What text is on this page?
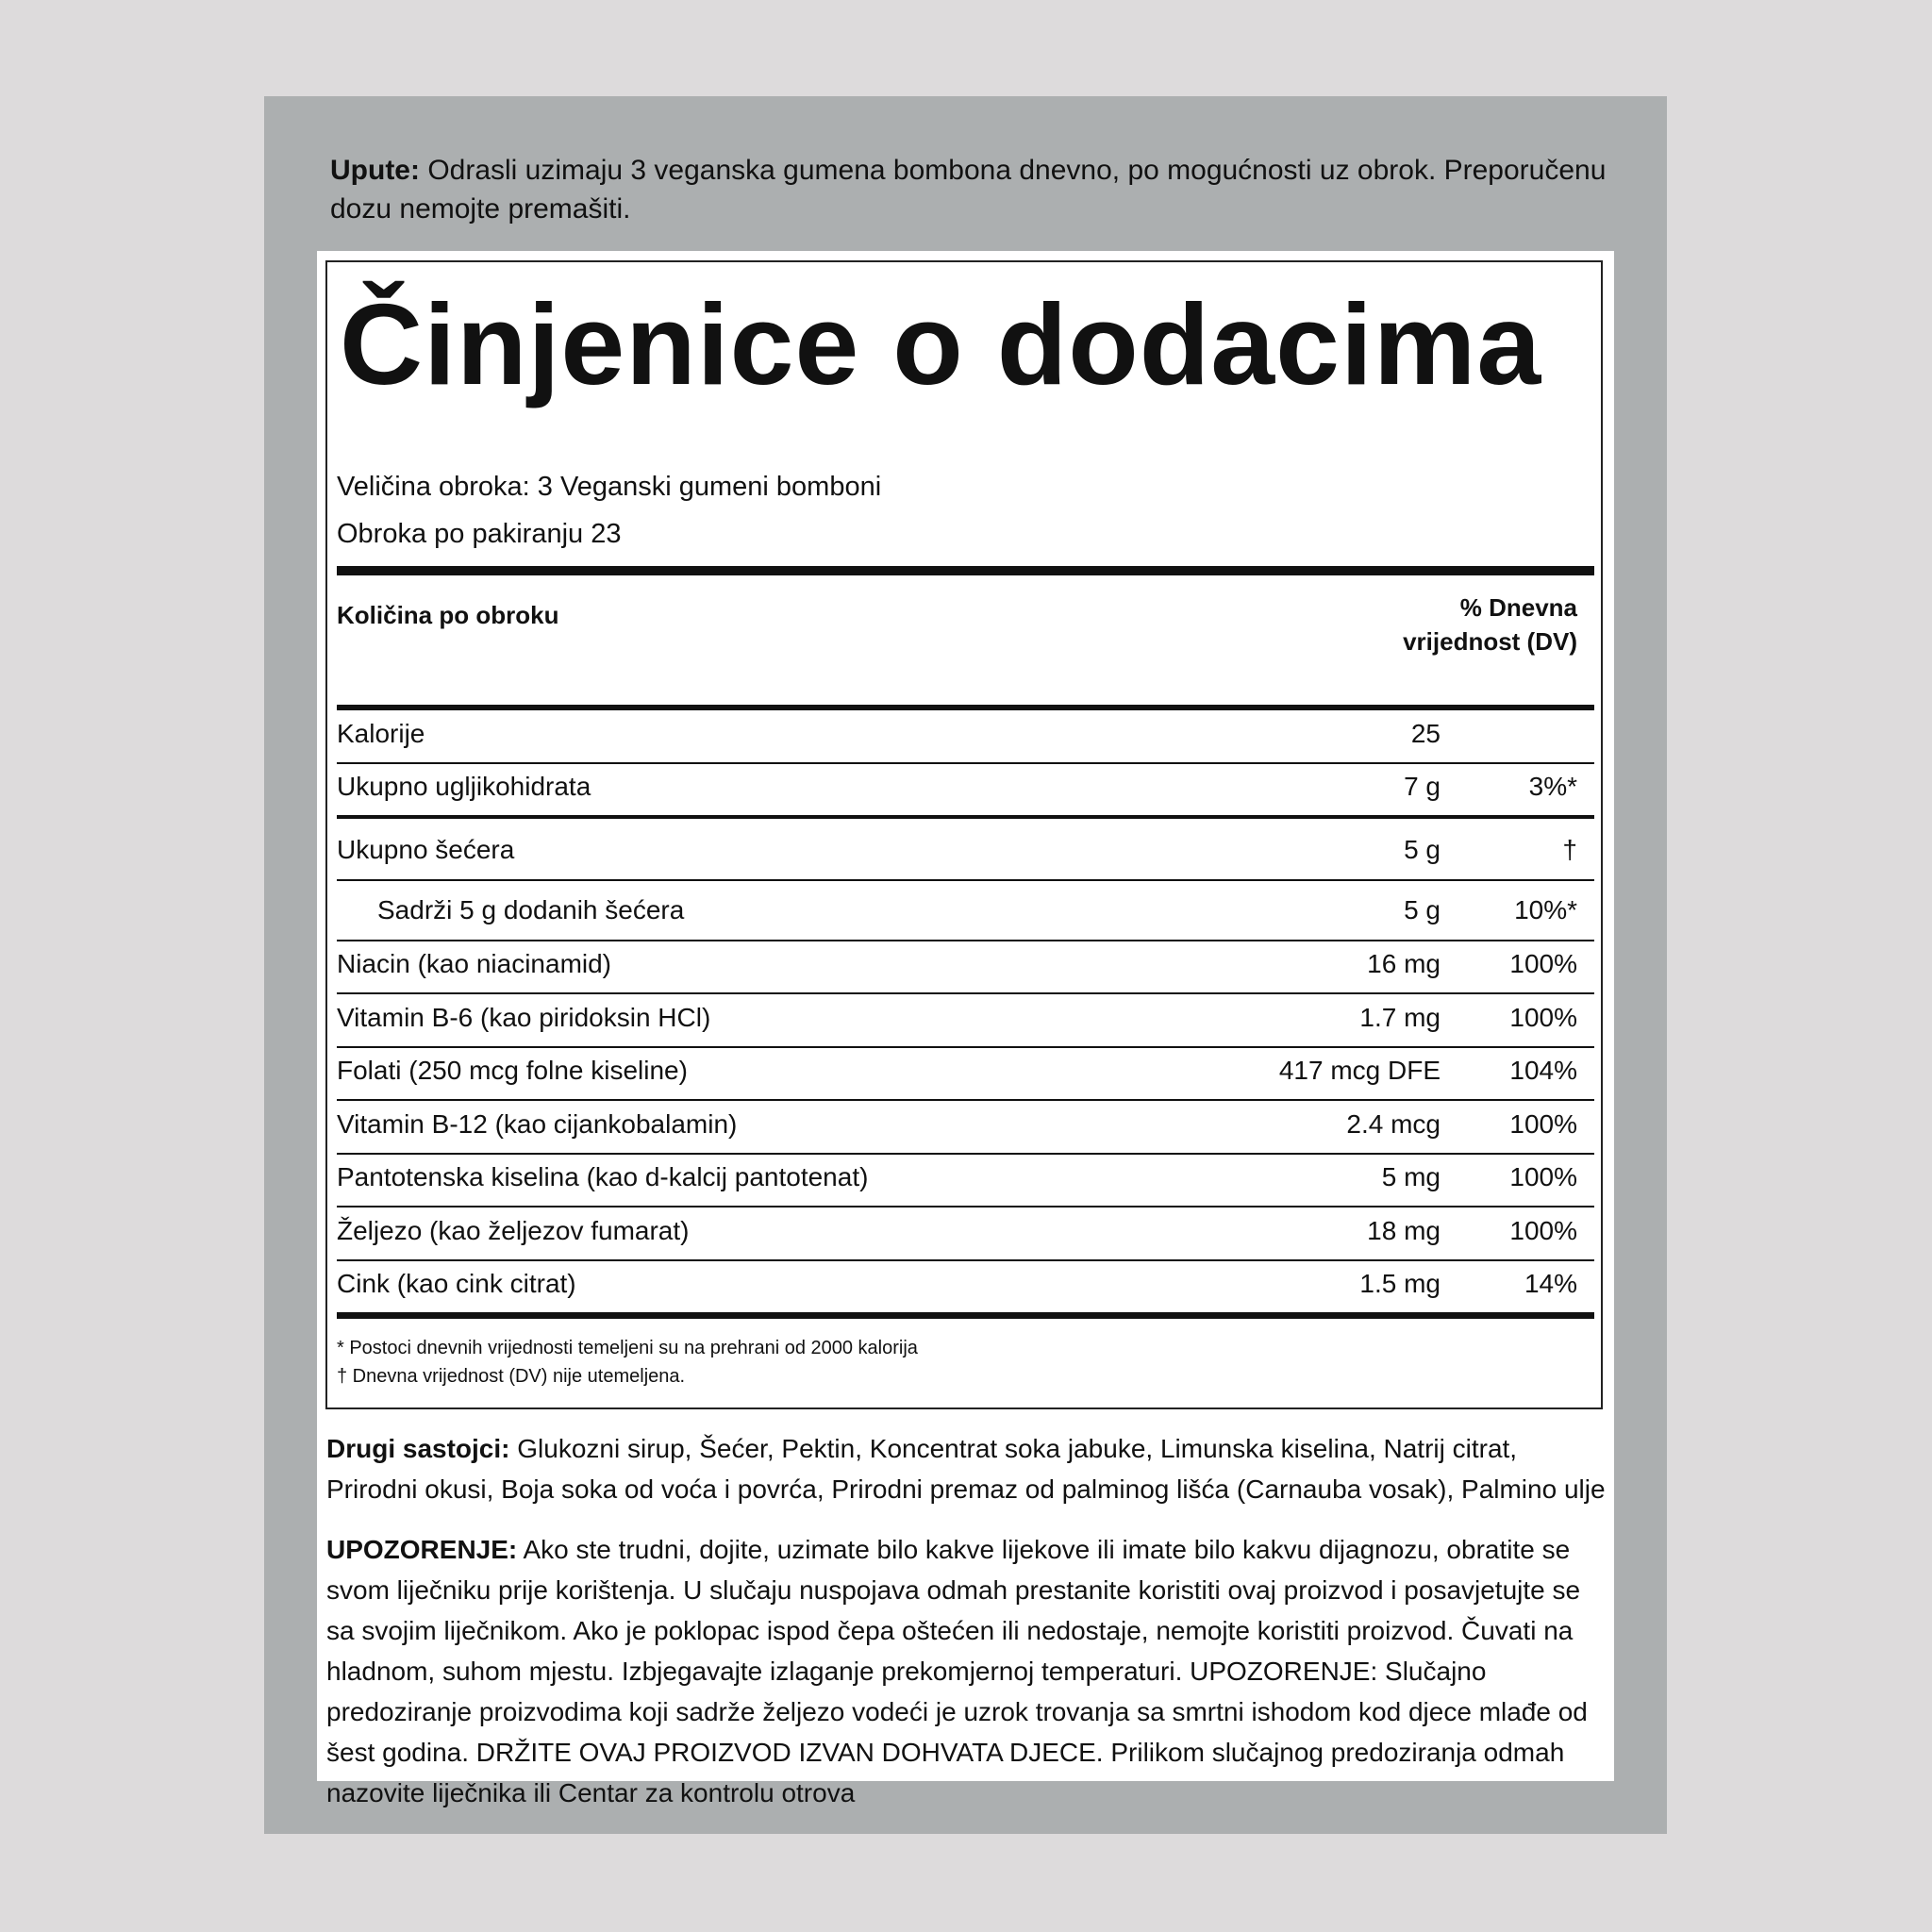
Upute: Odrasli uzimaju 3 veganska gumena bombona dnevno, po mogućnosti uz obrok. Preporučenu dozu nemojte premašiti.
Činjenice o dodacima
Veličina obroka: 3 Veganski gumeni bomboni
Obroka po pakiranju 23
Količina po obroku	% Dnevna vrijednost (DV)
Kalorije	25
Ukupno ugljikohidrata	7 g	3%*
Ukupno šećera	5 g	†
Sadrži 5 g dodanih šećera	5 g	10%*
Niacin (kao niacinamid)	16 mg	100%
Vitamin B-6 (kao piridoksin HCl)	1.7 mg	100%
Folati (250 mcg folne kiseline)	417 mcg DFE	104%
Vitamin B-12 (kao cijankobalamin)	2.4 mcg	100%
Pantotenska kiselina (kao d-kalcij pantotenat)	5 mg	100%
Željezo (kao željezov fumarat)	18 mg	100%
Cink (kao cink citrat)	1.5 mg	14%
* Postoci dnevnih vrijednosti temeljeni su na prehrani od 2000 kalorija
† Dnevna vrijednost (DV) nije utemeljena.
Drugi sastojci: Glukozni sirup, Šećer, Pektin, Koncentrat soka jabuke, Limunska kiselina, Natrij citrat, Prirodni okusi, Boja soka od voća i povrća, Prirodni premaz od palminog lišća (Carnauba vosak), Palmino ulje
UPOZORENJE: Ako ste trudni, dojite, uzimate bilo kakve lijekove ili imate bilo kakvu dijagnozu, obratite se svom liječniku prije korištenja. U slučaju nuspojava odmah prestanite koristiti ovaj proizvod i posavjetujte se sa svojim liječnikom. Ako je poklopac ispod čepa oštećen ili nedostaje, nemojte koristiti proizvod. Čuvati na hladnom, suhom mjestu. Izbjegavajte izlaganje prekomjernoj temperaturi. UPOZORENJE: Slučajno predoziranje proizvodima koji sadrže željezo vodeći je uzrok trovanja sa smrtni ishodom kod djece mlađe od šest godina. DRŽITE OVAJ PROIZVOD IZVAN DOHVATA DJECE. Prilikom slučajnog predoziranja odmah nazovite liječnika ili Centar za kontrolu otrova
